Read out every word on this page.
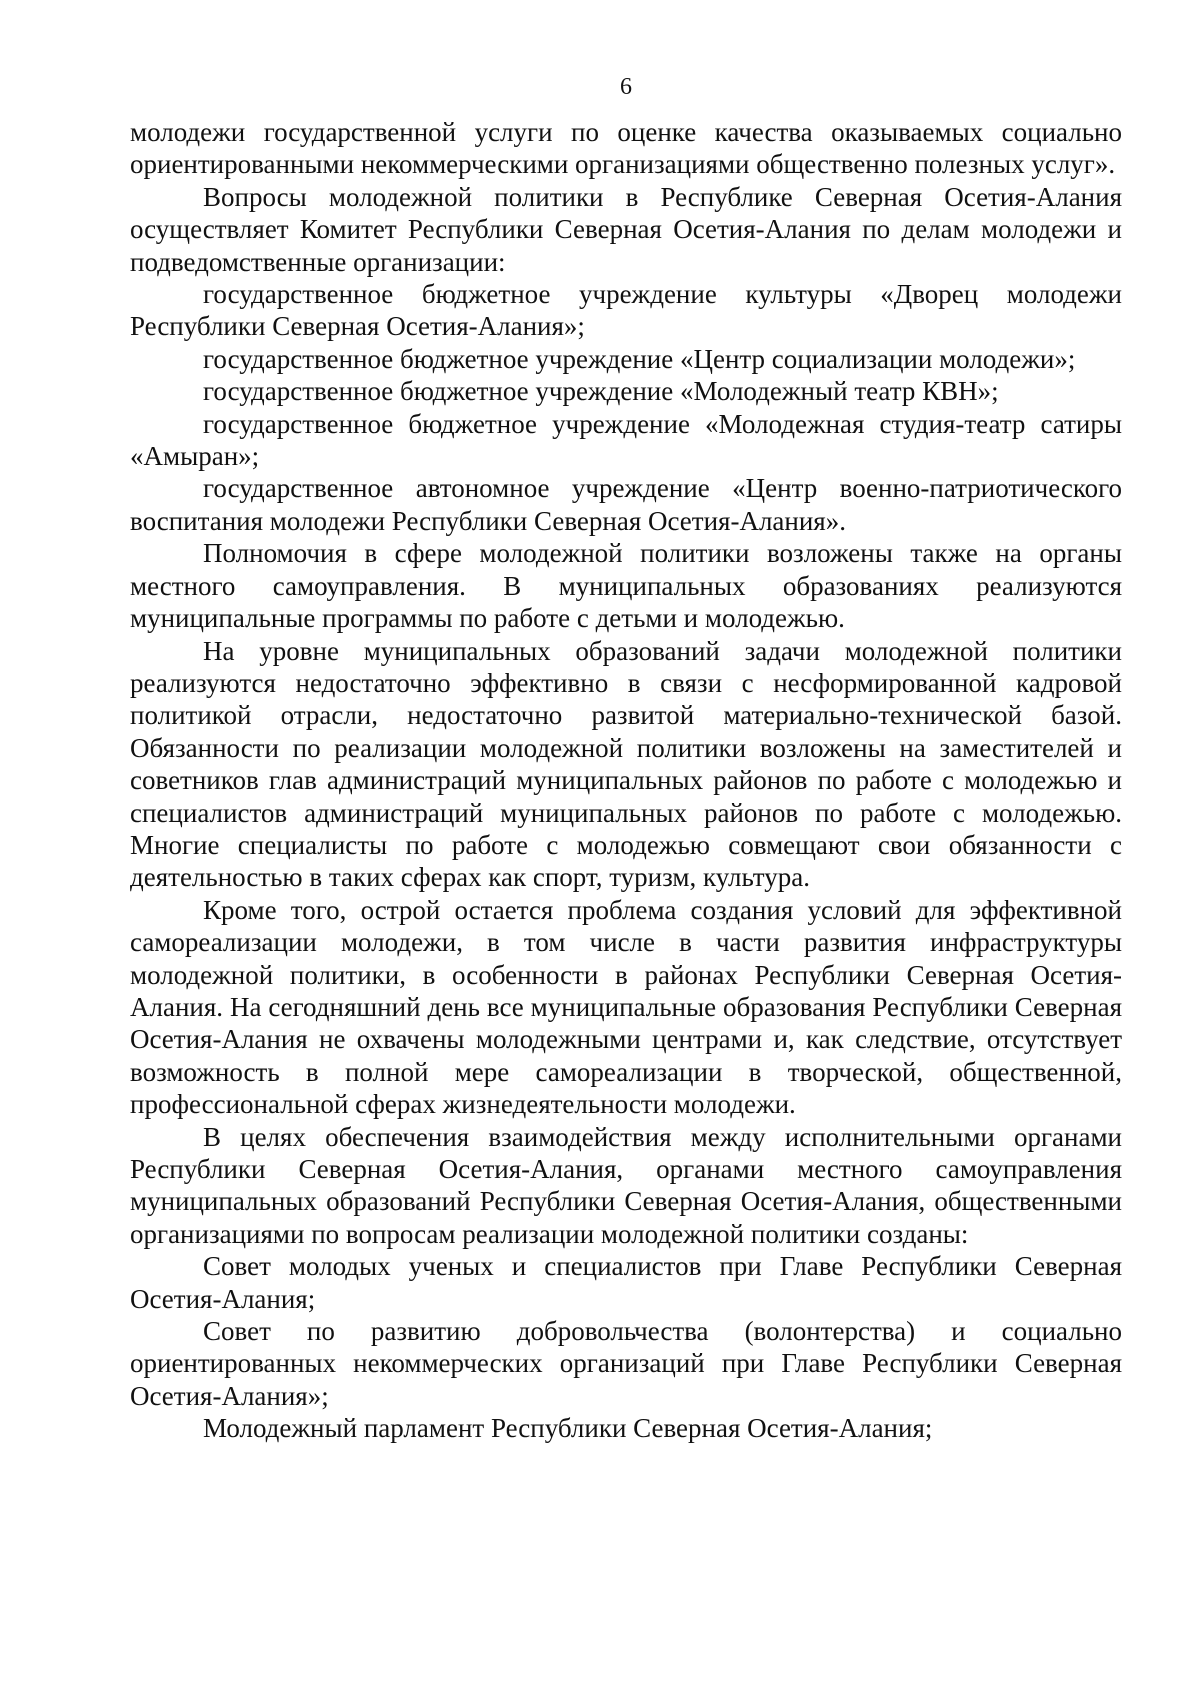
6

молодежи государственной услуги по оценке качества оказываемых социально ориентированными некоммерческими организациями общественно полезных услуг».

Вопросы молодежной политики в Республике Северная Осетия-Алания осуществляет Комитет Республики Северная Осетия-Алания по делам молодежи и подведомственные организации:

государственное бюджетное учреждение культуры «Дворец молодежи Республики Северная Осетия-Алания»;

государственное бюджетное учреждение «Центр социализации молодежи»;

государственное бюджетное учреждение «Молодежный театр КВН»;

государственное бюджетное учреждение «Молодежная студия-театр сатиры «Амыран»;

государственное автономное учреждение «Центр военно-патриотического воспитания молодежи Республики Северная Осетия-Алания».

Полномочия в сфере молодежной политики возложены также на органы местного самоуправления. В муниципальных образованиях реализуются муниципальные программы по работе с детьми и молодежью.

На уровне муниципальных образований задачи молодежной политики реализуются недостаточно эффективно в связи с несформированной кадровой политикой отрасли, недостаточно развитой материально-технической базой. Обязанности по реализации молодежной политики возложены на заместителей и советников глав администраций муниципальных районов по работе с молодежью и специалистов администраций муниципальных районов по работе с молодежью. Многие специалисты по работе с молодежью совмещают свои обязанности с деятельностью в таких сферах как спорт, туризм, культура.

Кроме того, острой остается проблема создания условий для эффективной самореализации молодежи, в том числе в части развития инфраструктуры молодежной политики, в особенности в районах Республики Северная Осетия-Алания. На сегодняшний день все муниципальные образования Республики Северная Осетия-Алания не охвачены молодежными центрами и, как следствие, отсутствует возможность в полной мере самореализации в творческой, общественной, профессиональной сферах жизнедеятельности молодежи.

В целях обеспечения взаимодействия между исполнительными органами Республики Северная Осетия-Алания, органами местного самоуправления муниципальных образований Республики Северная Осетия-Алания, общественными организациями по вопросам реализации молодежной политики созданы:

Совет молодых ученых и специалистов при Главе Республики Северная Осетия-Алания;

Совет по развитию добровольчества (волонтерства) и социально ориентированных некоммерческих организаций при Главе Республики Северная Осетия-Алания»;

Молодежный парламент Республики Северная Осетия-Алания;
